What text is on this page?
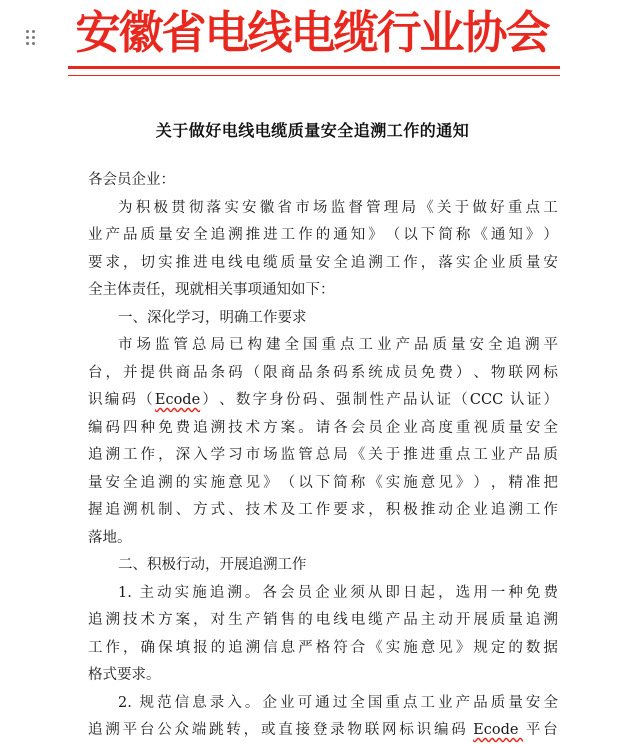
安徽省电线电缆行业协会
关于做好电线电缆质量安全追溯工作的通知
各会员企业：
为 积 极 贯 彻 落 实 安 徽 省 市 场 监 督 管 理 局 《 关 于 做 好 重 点 工
业 产 品 质 量 安 全 追 溯 推 进 工 作 的 通 知 》 （ 以 下 简 称 《 通 知 》 ）
要 求 ， 切 实 推 进 电 线 电 缆 质 量 安 全 追 溯 工 作 ， 落 实 企 业 质 量 安
全主体责任，现就相关事项通知如下：
一、深化学习，明确工作要求
市 场 监 管 总 局 已 构 建 全 国 重 点 工 业 产 品 质 量 安 全 追 溯 平
台 ， 并 提 供 商 品 条 码 （ 限 商 品 条 码 系 统 成 员 免 费 ） 、 物 联 网 标
识 编 码 （ Ecode ） 、 数 字 身 份 码 、 强 制 性 产 品 认 证 （ CCC 认 证 ）
编 码 四 种 免 费 追 溯 技 术 方 案 。 请 各 会 员 企 业 高 度 重 视 质 量 安 全
追 溯 工 作 ， 深 入 学 习 市 场 监 管 总 局 《 关 于 推 进 重 点 工 业 产 品 质
量 安 全 追 溯 的 实 施 意 见 》 （ 以 下 简 称 《 实 施 意 见 》 ） ， 精 准 把
握 追 溯 机 制 、 方 式 、 技 术 及 工 作 要 求 ， 积 极 推 动 企 业 追 溯 工 作
落地。
二、积极行动，开展追溯工作
1. 主 动 实 施 追 溯 。 各 会 员 企 业 须 从 即 日 起 ， 选 用 一 种 免 费
追 溯 技 术 方 案 ， 对 生 产 销 售 的 电 线 电 缆 产 品 主 动 开 展 质 量 追 溯
工 作 ， 确 保 填 报 的 追 溯 信 息 严 格 符 合 《 实 施 意 见 》 规 定 的 数 据
格式要求。
2. 规 范 信 息 录 入 。 企 业 可 通 过 全 国 重 点 工 业 产 品 质 量 安 全
追 溯 平 台 公 众 端 跳 转 ， 或 直 接 登 录 物 联 网 标 识 编 码 Ecode 平 台
